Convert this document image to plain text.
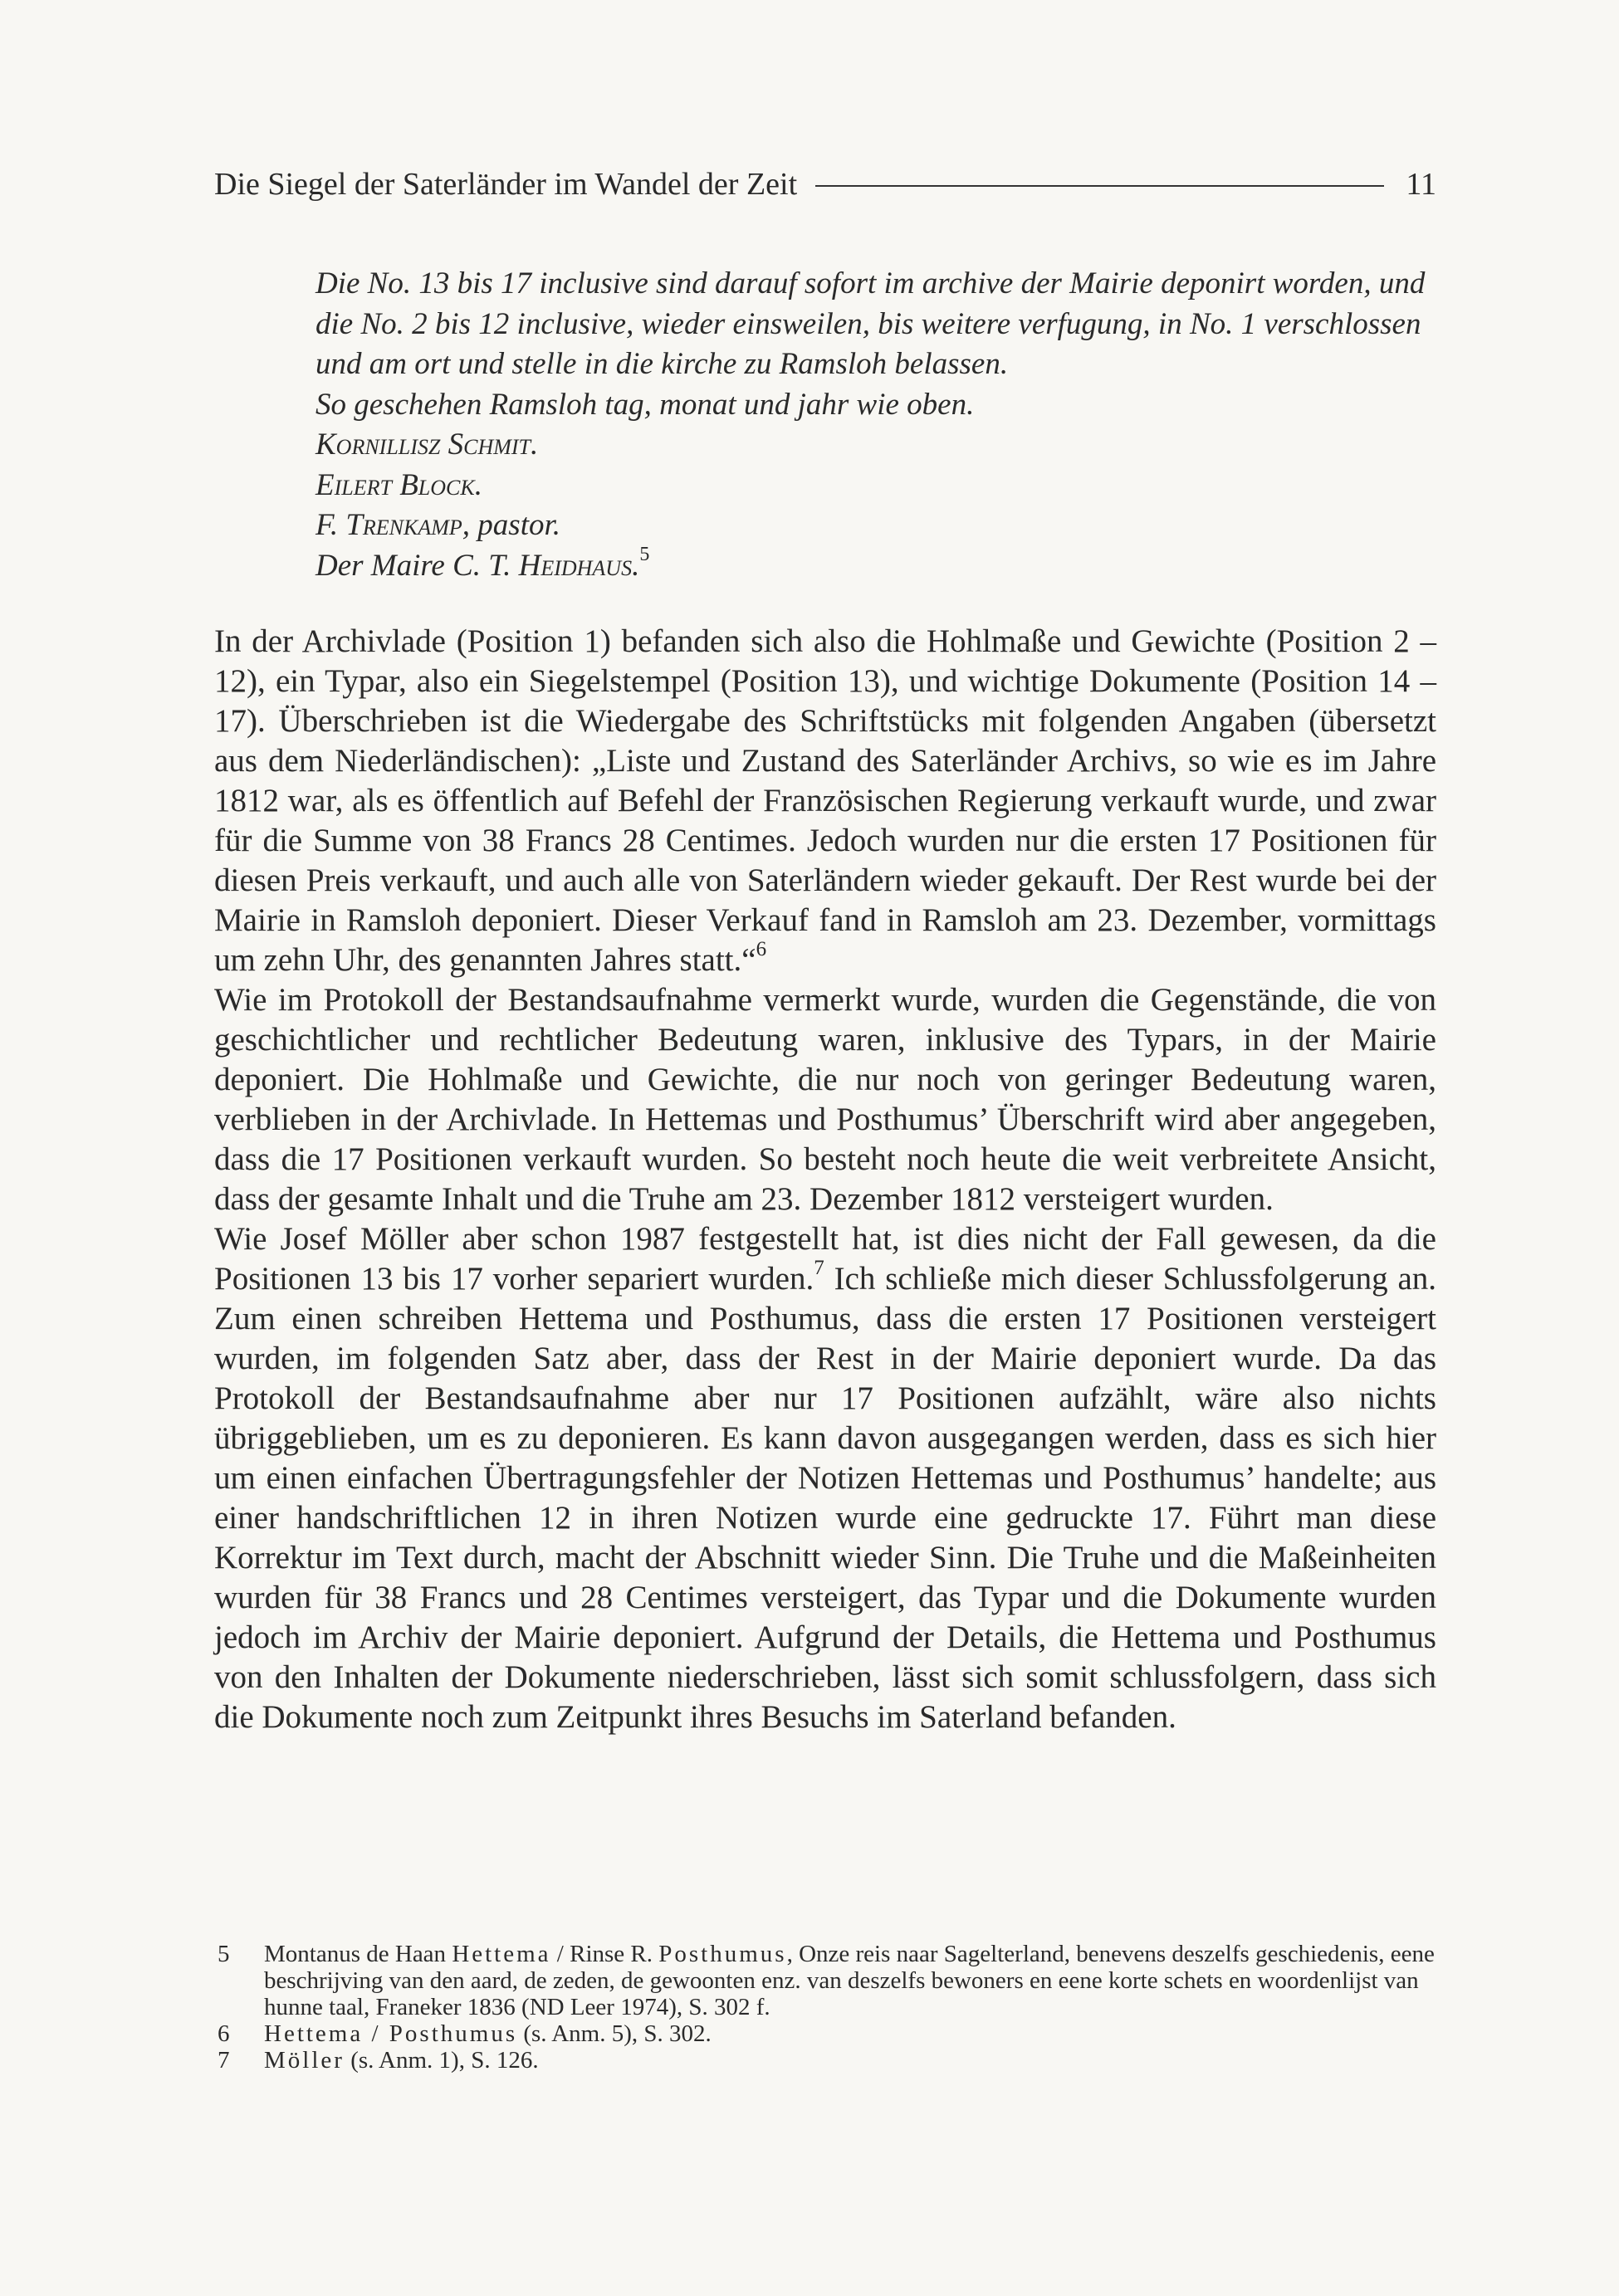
Die Siegel der Saterländer im Wandel der Zeit	11

Die No. 13 bis 17 inclusive sind darauf sofort im archive der Mairie deponirt worden, und die No. 2 bis 12 inclusive, wieder einsweilen, bis weitere verfugung, in No. 1 verschlossen und am ort und stelle in die kirche zu Ramsloh belassen.

So geschehen Ramsloh tag, monat und jahr wie oben.

Kornillisz Schmit.

Eilert Block.

F. Trenkamp, pastor.

Der Maire C. T. Heidhaus.$^5$

In der Archivlade (Position 1) befanden sich also die Hohlmaße und Gewichte (Position 2 – 12), ein Typar, also ein Siegelstempel (Position 13), und wichtige Dokumente (Position 14 – 17). Überschrieben ist die Wiedergabe des Schriftstücks mit folgenden Angaben (übersetzt aus dem Niederländischen): „Liste und Zustand des Saterländer Archivs, so wie es im Jahre 1812 war, als es öffentlich auf Befehl der Französischen Regierung verkauft wurde, und zwar für die Summe von 38 Francs 28 Centimes. Jedoch wurden nur die ersten 17 Positionen für diesen Preis verkauft, und auch alle von Saterländern wieder gekauft. Der Rest wurde bei der Mairie in Ramsloh deponiert. Dieser Verkauf fand in Ramsloh am 23. Dezember, vormittags um zehn Uhr, des genannten Jahres statt.“$^6$

Wie im Protokoll der Bestandsaufnahme vermerkt wurde, wurden die Gegenstände, die von geschichtlicher und rechtlicher Bedeutung waren, inklusive des Typars, in der Mairie deponiert. Die Hohlmaße und Gewichte, die nur noch von geringer Bedeutung waren, verblieben in der Archivlade. In Hettemas und Posthumus’ Überschrift wird aber angegeben, dass die 17 Positionen verkauft wurden. So besteht noch heute die weit verbreitete Ansicht, dass der gesamte Inhalt und die Truhe am 23. Dezember 1812 versteigert wurden.

Wie Josef Möller aber schon 1987 festgestellt hat, ist dies nicht der Fall gewesen, da die Positionen 13 bis 17 vorher separiert wurden.$^7$ Ich schließe mich dieser Schlussfolgerung an. Zum einen schreiben Hettema und Posthumus, dass die ersten 17 Positionen versteigert wurden, im folgenden Satz aber, dass der Rest in der Mairie deponiert wurde. Da das Protokoll der Bestandsaufnahme aber nur 17 Positionen aufzählt, wäre also nichts übriggeblieben, um es zu deponieren. Es kann davon ausgegangen werden, dass es sich hier um einen einfachen Übertragungsfehler der Notizen Hettemas und Posthumus’ handelte; aus einer handschriftlichen 12 in ihren Notizen wurde eine gedruckte 17. Führt man diese Korrektur im Text durch, macht der Abschnitt wieder Sinn. Die Truhe und die Maßeinheiten wurden für 38 Francs und 28 Centimes versteigert, das Typar und die Dokumente wurden jedoch im Archiv der Mairie deponiert. Aufgrund der Details, die Hettema und Posthumus von den Inhalten der Dokumente niederschrieben, lässt sich somit schlussfolgern, dass sich die Dokumente noch zum Zeitpunkt ihres Besuchs im Saterland befanden.

5	Montanus de Haan Hettema / Rinse R. Posthumus, Onze reis naar Sagelterland, benevens deszelfs geschiedenis, eene beschrijving van den aard, de zeden, de gewoonten enz. van deszelfs bewoners en eene korte schets en woordenlijst van hunne taal, Franeker 1836 (ND Leer 1974), S. 302 f.
6	Hettema / Posthumus (s. Anm. 5), S. 302.
7	Möller (s. Anm. 1), S. 126.
